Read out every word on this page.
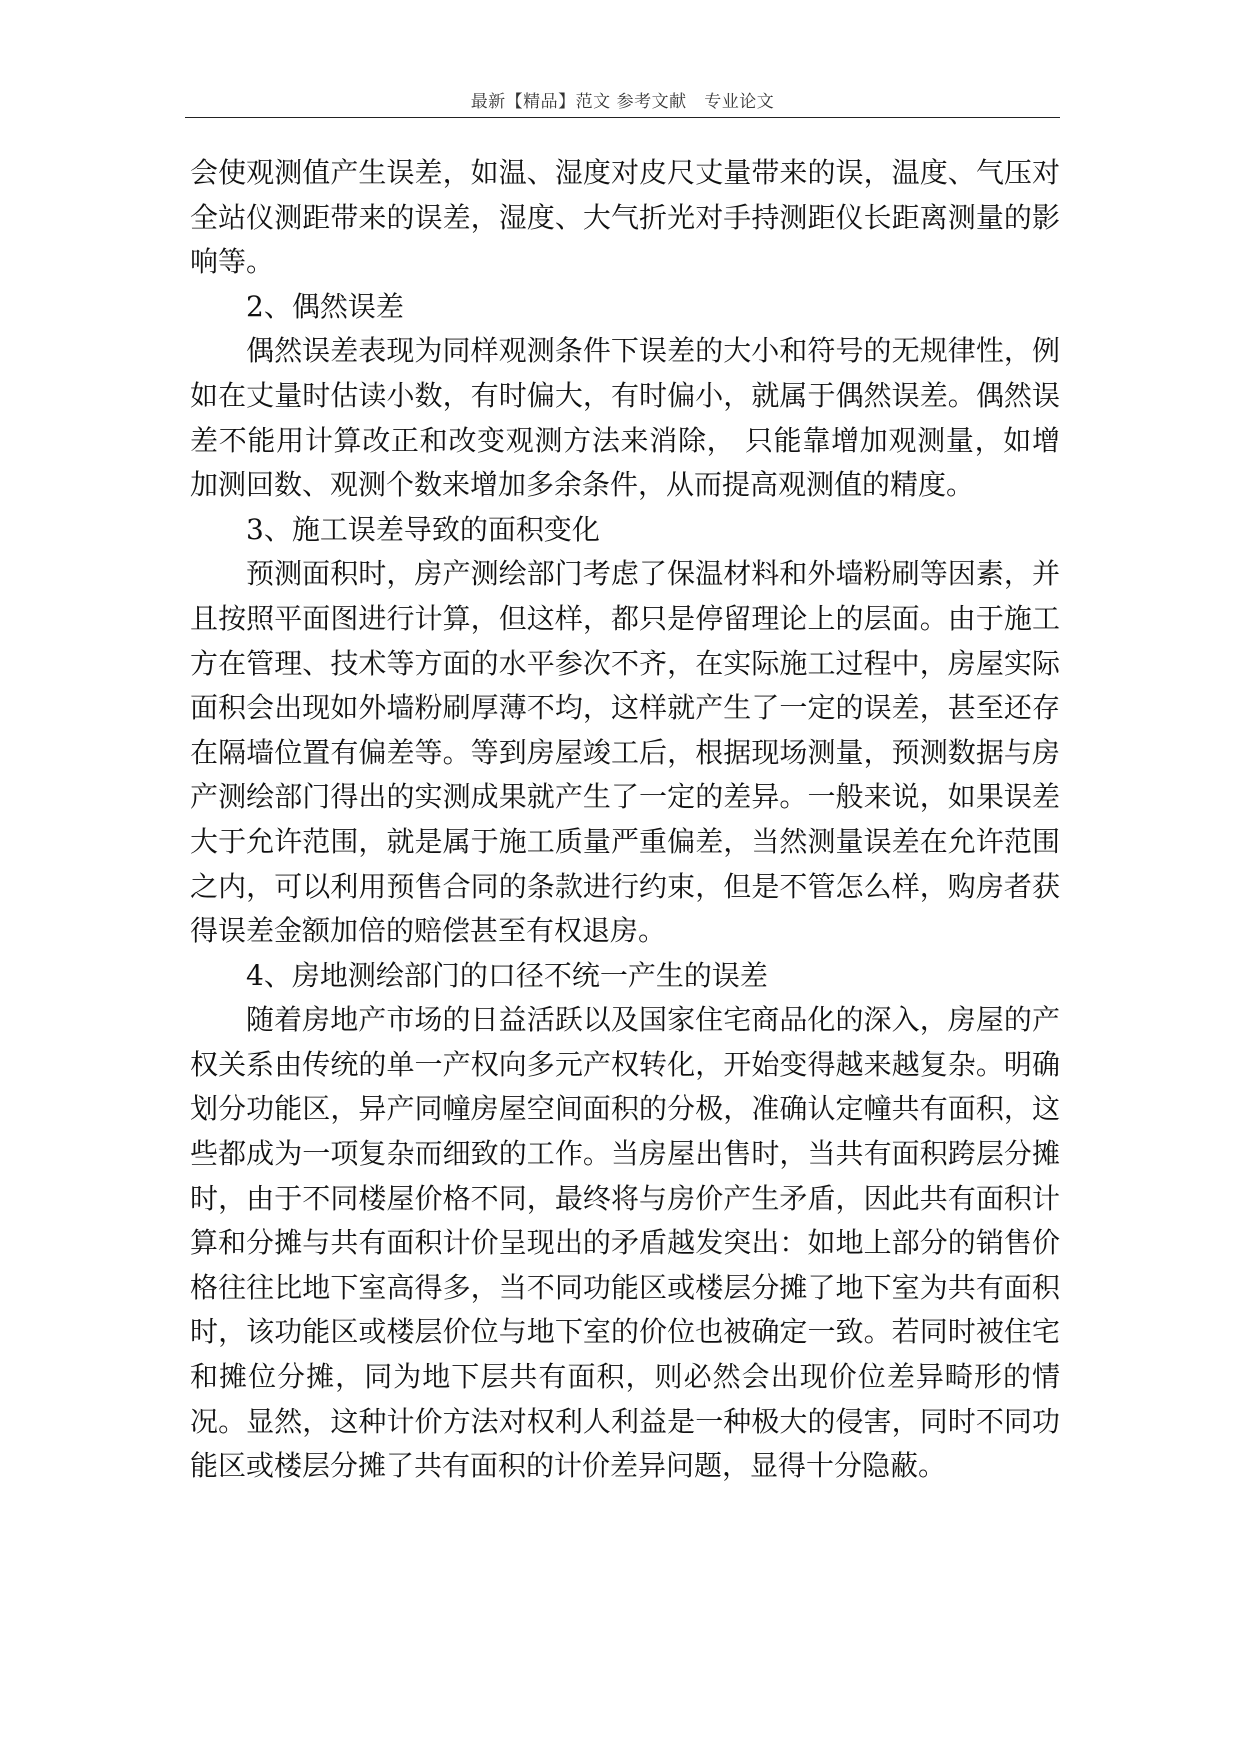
最新【精品】范文 参考文献   专业论文

会使观测值产生误差，如温、湿度对皮尺丈量带来的误，温度、气压对全站仪测距带来的误差，湿度、大气折光对手持测距仪长距离测量的影响等。

2、偶然误差

偶然误差表现为同样观测条件下误差的大小和符号的无规律性，例如在丈量时估读小数，有时偏大，有时偏小，就属于偶然误差。偶然误差不能用计算改正和改变观测方法来消除， 只能靠增加观测量，如增加测回数、观测个数来增加多余条件，从而提高观测值的精度。

3、施工误差导致的面积变化

预测面积时，房产测绘部门考虑了保温材料和外墙粉刷等因素，并且按照平面图进行计算，但这样，都只是停留理论上的层面。由于施工方在管理、技术等方面的水平参次不齐，在实际施工过程中，房屋实际面积会出现如外墙粉刷厚薄不均，这样就产生了一定的误差，甚至还存在隔墙位置有偏差等。等到房屋竣工后，根据现场测量，预测数据与房产测绘部门得出的实测成果就产生了一定的差异。一般来说，如果误差大于允许范围，就是属于施工质量严重偏差，当然测量误差在允许范围之内，可以利用预售合同的条款进行约束，但是不管怎么样，购房者获得误差金额加倍的赔偿甚至有权退房。

4、房地测绘部门的口径不统一产生的误差

随着房地产市场的日益活跃以及国家住宅商品化的深入，房屋的产权关系由传统的单一产权向多元产权转化，开始变得越来越复杂。明确划分功能区，异产同幢房屋空间面积的分极，准确认定幢共有面积，这些都成为一项复杂而细致的工作。当房屋出售时，当共有面积跨层分摊时，由于不同楼屋价格不同，最终将与房价产生矛盾，因此共有面积计算和分摊与共有面积计价呈现出的矛盾越发突出：如地上部分的销售价格往往比地下室高得多，当不同功能区或楼层分摊了地下室为共有面积时，该功能区或楼层价位与地下室的价位也被确定一致。若同时被住宅和摊位分摊，同为地下层共有面积，则必然会出现价位差异畸形的情况。显然，这种计价方法对权利人利益是一种极大的侵害，同时不同功能区或楼层分摊了共有面积的计价差异问题，显得十分隐蔽。
